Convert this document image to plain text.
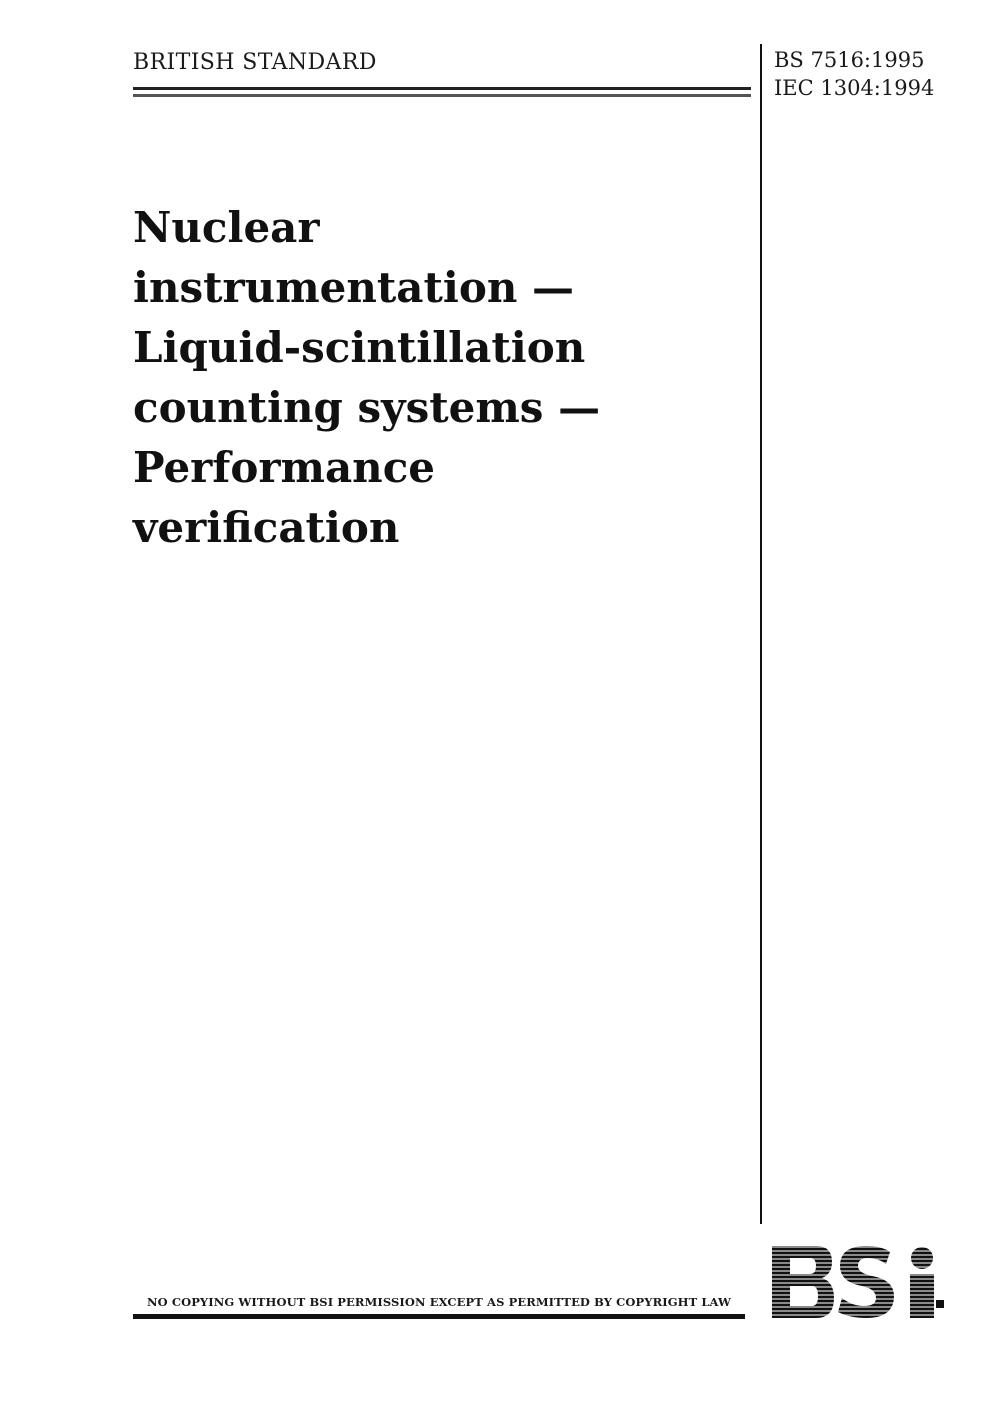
BRITISH STANDARD	BS 7516:1995
IEC 1304:1994
Nuclear
instrumentation —
Liquid-scintillation
counting systems —
Performance
verification
NO COPYING WITHOUT BSI PERMISSION EXCEPT AS PERMITTED BY COPYRIGHT LAW
